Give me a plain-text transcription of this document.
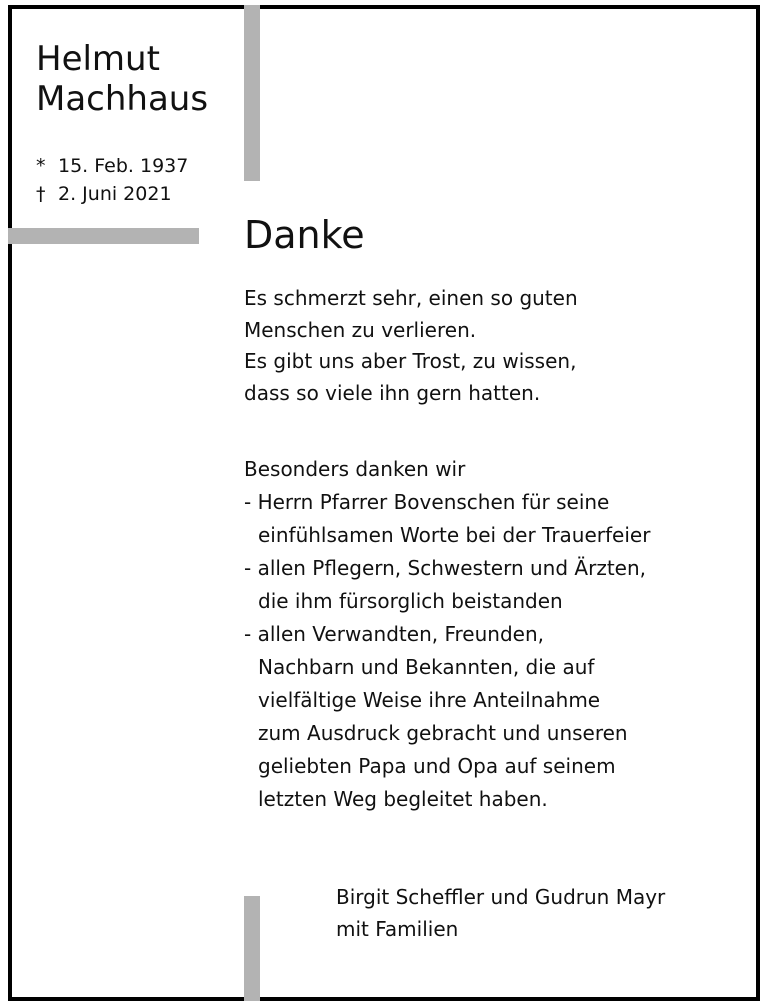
Helmut
Machhaus
* 15. Feb. 1937
† 2. Juni 2021
Danke
Es schmerzt sehr, einen so guten
Menschen zu verlieren.
Es gibt uns aber Trost, zu wissen,
dass so viele ihn gern hatten.
Besonders danken wir
- Herrn Pfarrer Bovenschen für seine
einfühlsamen Worte bei der Trauerfeier
- allen Pflegern, Schwestern und Ärzten,
die ihm fürsorglich beistanden
- allen Verwandten, Freunden,
Nachbarn und Bekannten, die auf
vielfältige Weise ihre Anteilnahme
zum Ausdruck gebracht und unseren
geliebten Papa und Opa auf seinem
letzten Weg begleitet haben.
Birgit Scheffler und Gudrun Mayr
mit Familien
